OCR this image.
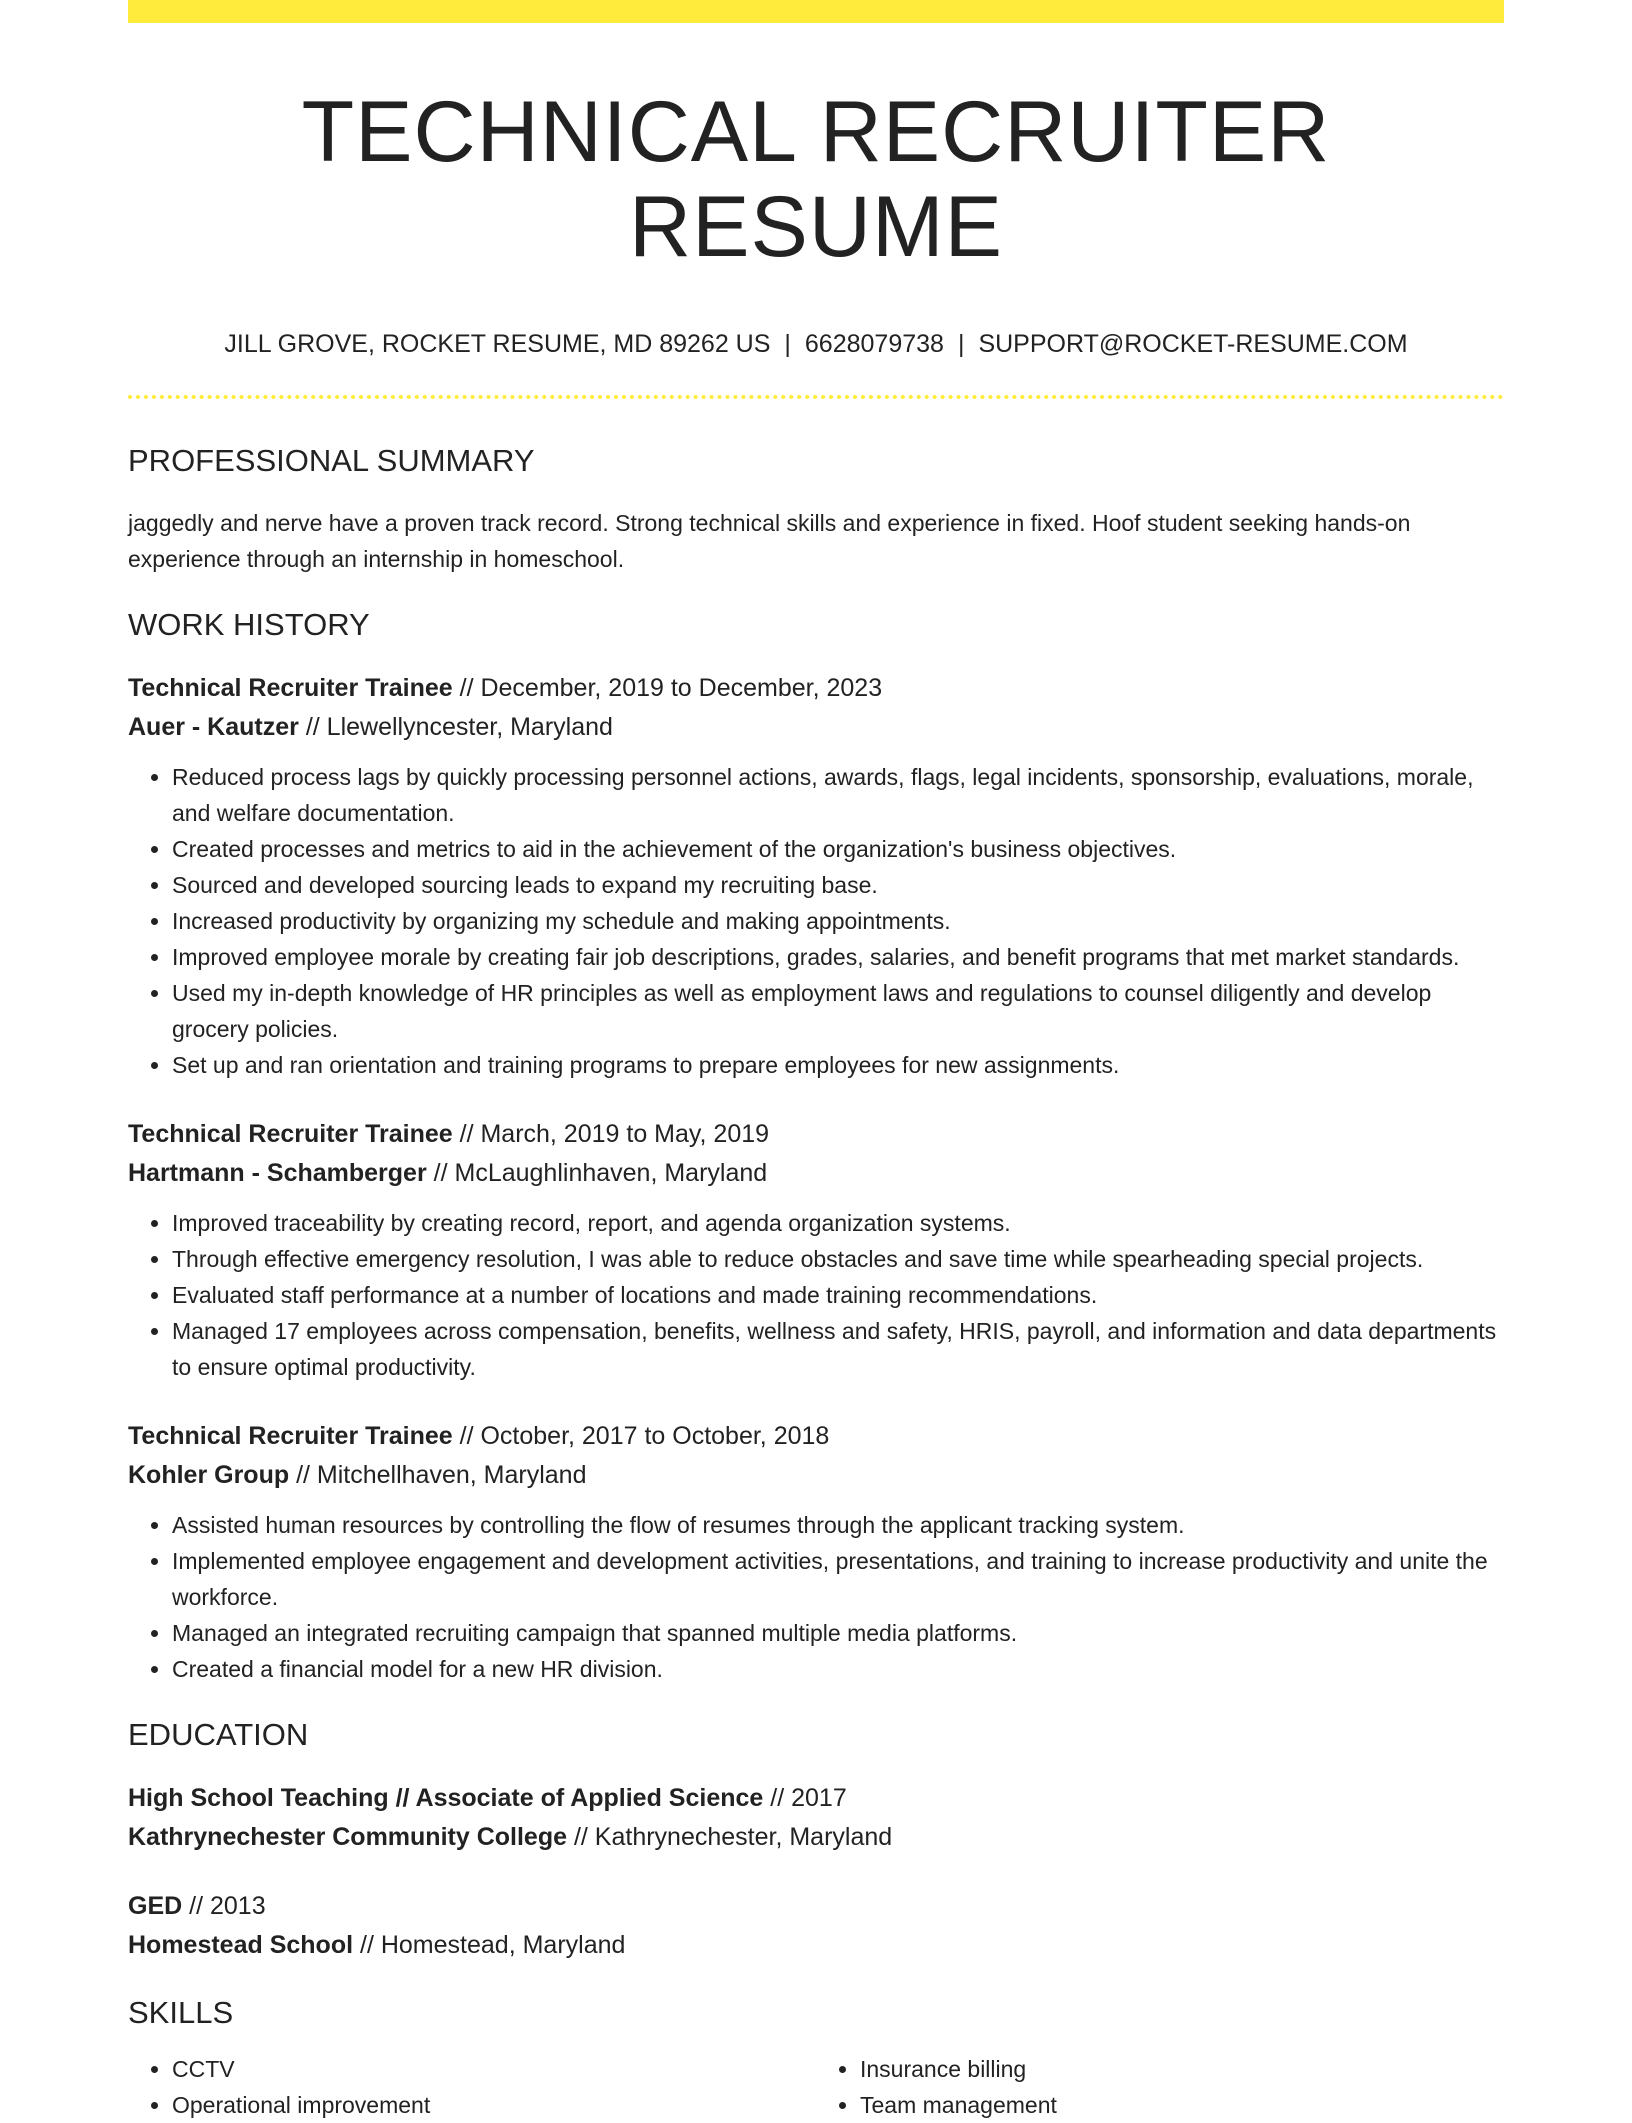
TECHNICAL RECRUITER RESUME
JILL GROVE, ROCKET RESUME, MD 89262 US | 6628079738 | SUPPORT@ROCKET-RESUME.COM
PROFESSIONAL SUMMARY
jaggedly and nerve have a proven track record. Strong technical skills and experience in fixed. Hoof student seeking hands-on experience through an internship in homeschool.
WORK HISTORY
Technical Recruiter Trainee // December, 2019 to December, 2023
Auer - Kautzer // Llewellyncester, Maryland
• Reduced process lags by quickly processing personnel actions, awards, flags, legal incidents, sponsorship, evaluations, morale, and welfare documentation.
• Created processes and metrics to aid in the achievement of the organization's business objectives.
• Sourced and developed sourcing leads to expand my recruiting base.
• Increased productivity by organizing my schedule and making appointments.
• Improved employee morale by creating fair job descriptions, grades, salaries, and benefit programs that met market standards.
• Used my in-depth knowledge of HR principles as well as employment laws and regulations to counsel diligently and develop grocery policies.
• Set up and ran orientation and training programs to prepare employees for new assignments.
Technical Recruiter Trainee // March, 2019 to May, 2019
Hartmann - Schamberger // McLaughlinhaven, Maryland
• Improved traceability by creating record, report, and agenda organization systems.
• Through effective emergency resolution, I was able to reduce obstacles and save time while spearheading special projects.
• Evaluated staff performance at a number of locations and made training recommendations.
• Managed 17 employees across compensation, benefits, wellness and safety, HRIS, payroll, and information and data departments to ensure optimal productivity.
Technical Recruiter Trainee // October, 2017 to October, 2018
Kohler Group // Mitchellhaven, Maryland
• Assisted human resources by controlling the flow of resumes through the applicant tracking system.
• Implemented employee engagement and development activities, presentations, and training to increase productivity and unite the workforce.
• Managed an integrated recruiting campaign that spanned multiple media platforms.
• Created a financial model for a new HR division.
EDUCATION
High School Teaching // Associate of Applied Science // 2017
Kathrynechester Community College // Kathrynechester, Maryland
GED // 2013
Homestead School // Homestead, Maryland
SKILLS
• CCTV
• Operational improvement
• Insurance billing
• Team management
